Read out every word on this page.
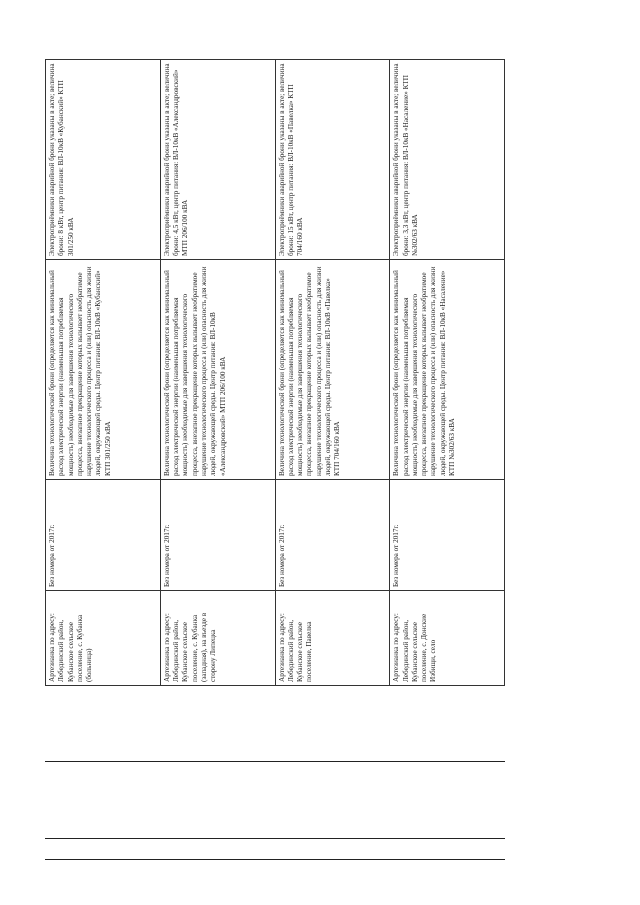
Артезианка по адресу: Лебединский район, Кубанское сельское поселение, с. Кубанка (больница)	Без номера от 2017г.	Величина технологической брони (определяется как минимальный расход электрической энергии (наименьшая потребляемая мощность) необходимые для завершения технологического процесса, внезапное прекращение которых вызывает необратимое нарушение технологического процесса и (или) опасность для жизни людей, окружающей среды. Центр питания: ВЛ-10кВ «Кубанский» КТП 301/250 кВА	Электроприёмники аварийной брони указаны в акте; величина брони: 8 кВт, центр питания: ВЛ-10кВ «Кубанский» КТП 301/250 кВА
Артезианка по адресу: Лебединский район, Кубанское сельское поселение, с. Кубанка (западная), на въезде в сторону Липецка	Без номера от 2017г.	Величина технологической брони (определяется как минимальный расход электрической энергии (наименьшая потребляемая мощность) необходимые для завершения технологического процесса, внезапное прекращение которых вызывает необратимое нарушение технологического процесса и (или) опасность для жизни людей, окружающей среды. Центр питания: ВЛ-10кВ «Александровский» МТП 206/100 кВА	Электроприёмники аварийной брони указаны в акте; величина брони: 4,5 кВт, центр питания: ВЛ-10кВ «Александровский» МТП 206/100 кВА
Артезианка по адресу: Лебединский район, Кубанское сельское поселение, Павелка	Без номера от 2017г.	Величина технологической брони (определяется как минимальный расход электрической энергии (наименьшая потребляемая мощность) необходимые для завершения технологического процесса, внезапное прекращение которых вызывает необратимое нарушение технологического процесса и (или) опасность для жизни людей, окружающей среды. Центр питания: ВЛ-10кВ «Павелка» КТП 704/160 кВА	Электроприёмники аварийной брони указаны в акте; величина брони: 15 кВт, центр питания: ВЛ-10кВ «Павелка» КТП 704/160 кВА
Артезианка по адресу: Лебединский район, Кубанское сельское поселение, с. Донские Избищи, село	Без номера от 2017г.	Величина технологической брони (определяется как минимальный расход электрической энергии (наименьшая потребляемая мощность) необходимые для завершения технологического процесса, внезапное прекращение которых вызывает необратимое нарушение технологического процесса и (или) опасность для жизни людей, окружающей среды. Центр питания: ВЛ-10кВ «Насаление» КТП №302/63 кВА	Электроприёмники аварийной брони указаны в акте; величина брони: 3,3 кВт, центр питания: ВЛ-10кВ «Насаление» КТП №302/63 кВА
